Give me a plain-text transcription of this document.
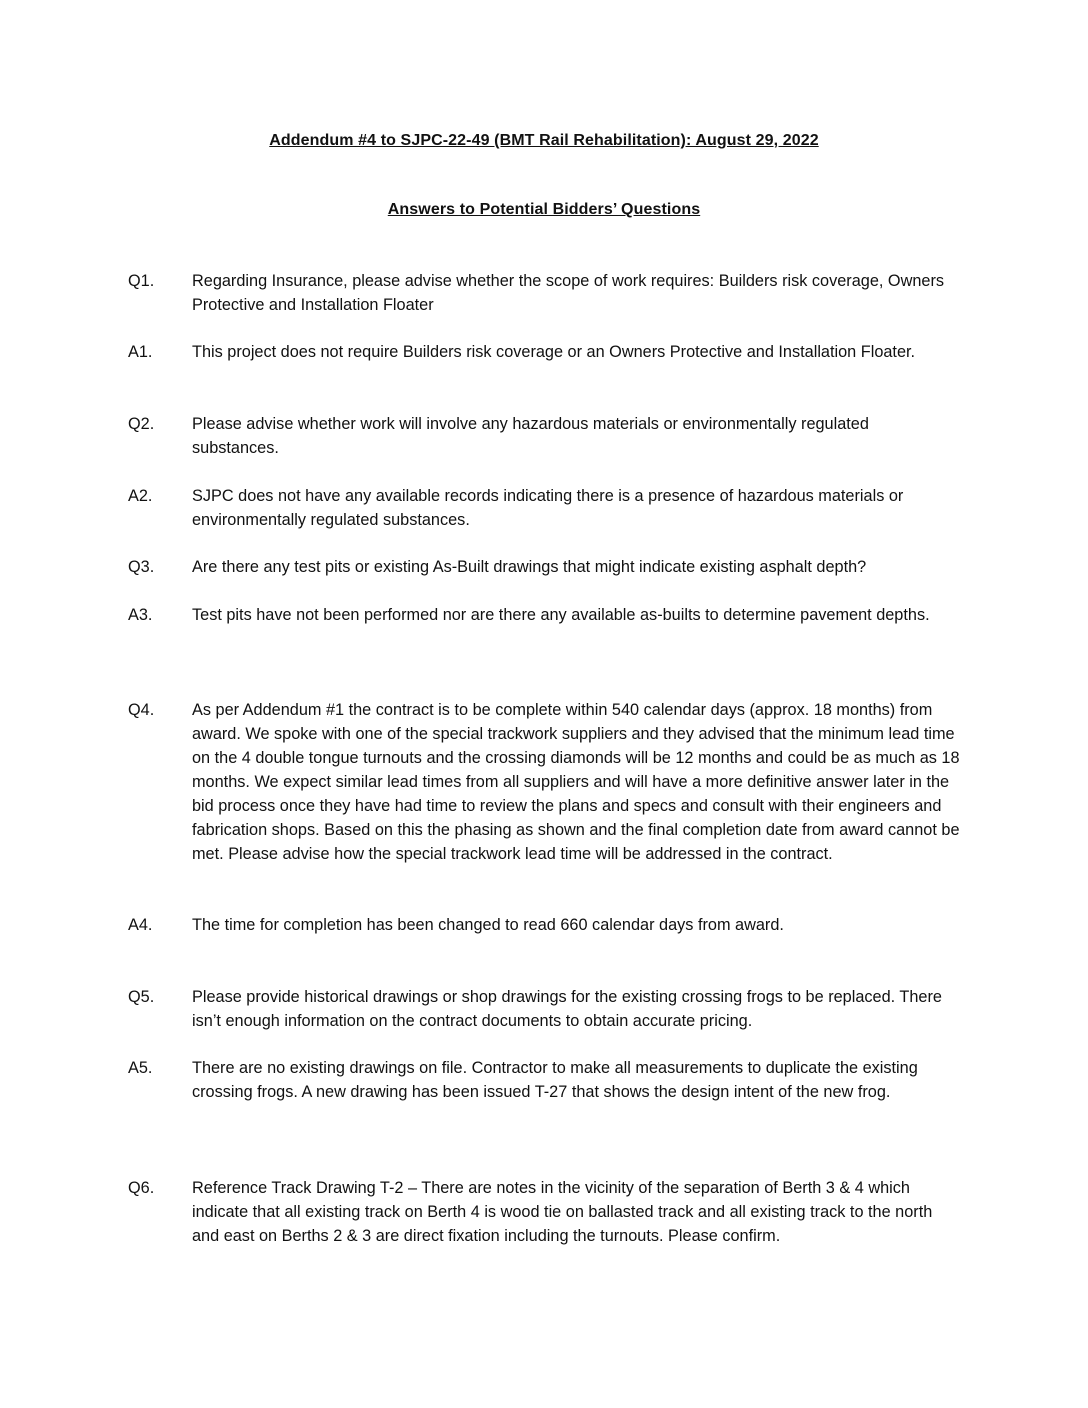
Addendum #4 to SJPC-22-49 (BMT Rail Rehabilitation): August 29, 2022
Answers to Potential Bidders’ Questions
Q1.	Regarding Insurance, please advise whether the scope of work requires: Builders risk coverage, Owners Protective and Installation Floater
A1.	This project does not require Builders risk coverage or an Owners Protective and Installation Floater.
Q2.	Please advise whether work will involve any hazardous materials or environmentally regulated substances.
A2.	SJPC does not have any available records indicating there is a presence of hazardous materials or environmentally regulated substances.
Q3.	Are there any test pits or existing As-Built drawings that might indicate existing asphalt depth?
A3.	Test pits have not been performed nor are there any available as-builts to determine pavement depths.
Q4.	As per Addendum #1 the contract is to be complete within 540 calendar days (approx. 18 months) from award. We spoke with one of the special trackwork suppliers and they advised that the minimum lead time on the 4 double tongue turnouts and the crossing diamonds will be 12 months and could be as much as 18 months. We expect similar lead times from all suppliers and will have a more definitive answer later in the bid process once they have had time to review the plans and specs and consult with their engineers and fabrication shops. Based on this the phasing as shown and the final completion date from award cannot be met. Please advise how the special trackwork lead time will be addressed in the contract.
A4.	The time for completion has been changed to read 660 calendar days from award.
Q5.	Please provide historical drawings or shop drawings for the existing crossing frogs to be replaced. There isn’t enough information on the contract documents to obtain accurate pricing.
A5.	There are no existing drawings on file. Contractor to make all measurements to duplicate the existing crossing frogs. A new drawing has been issued T-27 that shows the design intent of the new frog.
Q6.	Reference Track Drawing T-2 – There are notes in the vicinity of the separation of Berth 3 & 4 which indicate that all existing track on Berth 4 is wood tie on ballasted track and all existing track to the north and east on Berths 2 & 3 are direct fixation including the turnouts. Please confirm.
